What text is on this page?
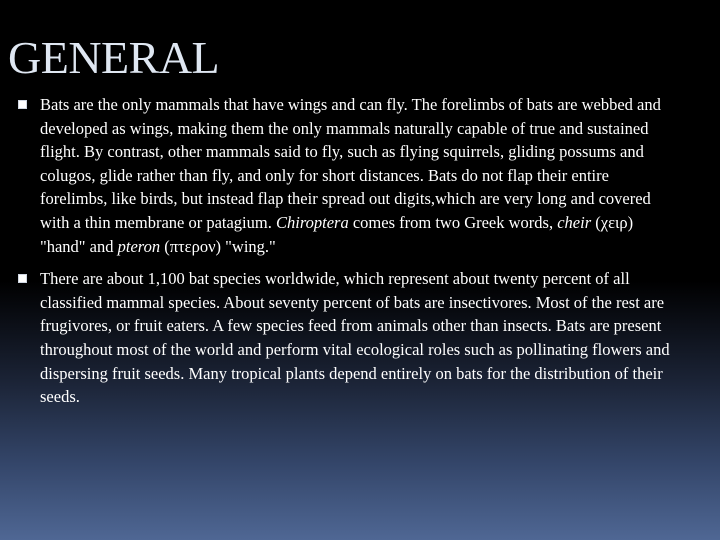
GENERAL
Bats are the only mammals that have wings and can fly. The forelimbs of bats are webbed and developed as wings, making them the only mammals naturally capable of true and sustained flight. By contrast, other mammals said to fly, such as flying squirrels, gliding possums and colugos, glide rather than fly, and only for short distances. Bats do not flap their entire forelimbs, like birds, but instead flap their spread out digits,which are very long and covered with a thin membrane or patagium. Chiroptera comes from two Greek words, cheir (χειρ) "hand" and pteron (πτερον) "wing."
There are about 1,100 bat species worldwide, which represent about twenty percent of all classified mammal species. About seventy percent of bats are insectivores. Most of the rest are frugivores, or fruit eaters. A few species feed from animals other than insects. Bats are present throughout most of the world and perform vital ecological roles such as pollinating flowers and dispersing fruit seeds. Many tropical plants depend entirely on bats for the distribution of their seeds.
